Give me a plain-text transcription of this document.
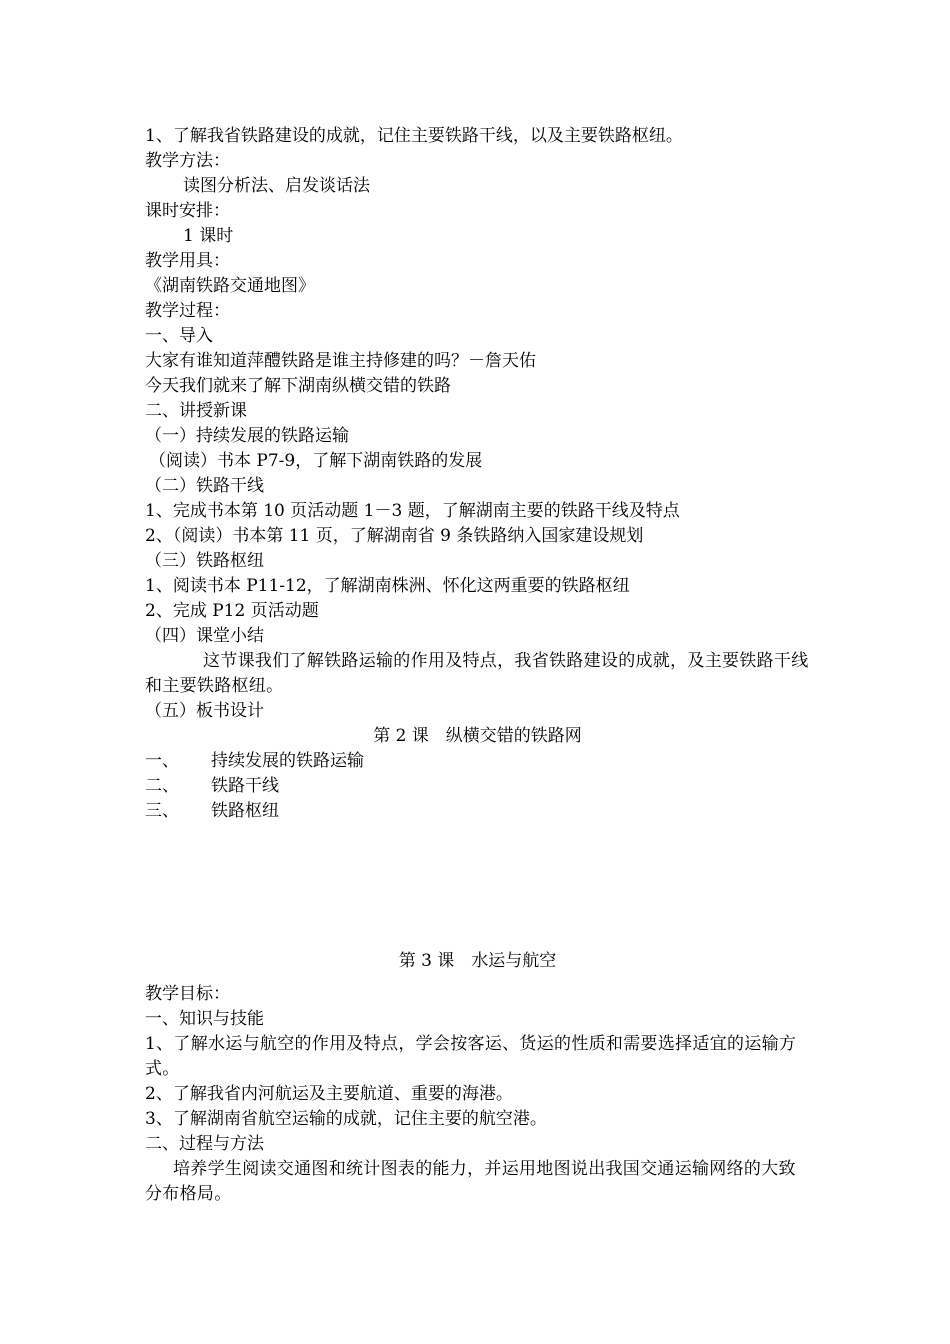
1、了解我省铁路建设的成就，记住主要铁路干线，以及主要铁路枢纽。
教学方法：
读图分析法、启发谈话法
课时安排：
1 课时
教学用具：
《湖南铁路交通地图》
教学过程：
一、导入
大家有谁知道萍醴铁路是谁主持修建的吗？－詹天佑
今天我们就来了解下湖南纵横交错的铁路
二、讲授新课
（一）持续发展的铁路运输
（阅读）书本 P7-9，了解下湖南铁路的发展
（二）铁路干线
1、完成书本第 10 页活动题 1－3 题，了解湖南主要的铁路干线及特点
2、（阅读）书本第 11 页，了解湖南省 9 条铁路纳入国家建设规划
（三）铁路枢纽
1、阅读书本 P11-12，了解湖南株洲、怀化这两重要的铁路枢纽
2、完成 P12 页活动题
（四）课堂小结
这节课我们了解铁路运输的作用及特点，我省铁路建设的成就，及主要铁路干线和主要铁路枢纽。
（五）板书设计
第 2 课　纵横交错的铁路网
一、	持续发展的铁路运输
二、	铁路干线
三、	铁路枢纽
第 3 课　水运与航空
教学目标：
一、知识与技能
1、了解水运与航空的作用及特点，学会按客运、货运的性质和需要选择适宜的运输方式。
2、了解我省内河航运及主要航道、重要的海港。
3、了解湖南省航空运输的成就，记住主要的航空港。
二、过程与方法
培养学生阅读交通图和统计图表的能力，并运用地图说出我国交通运输网络的大致分布格局。
